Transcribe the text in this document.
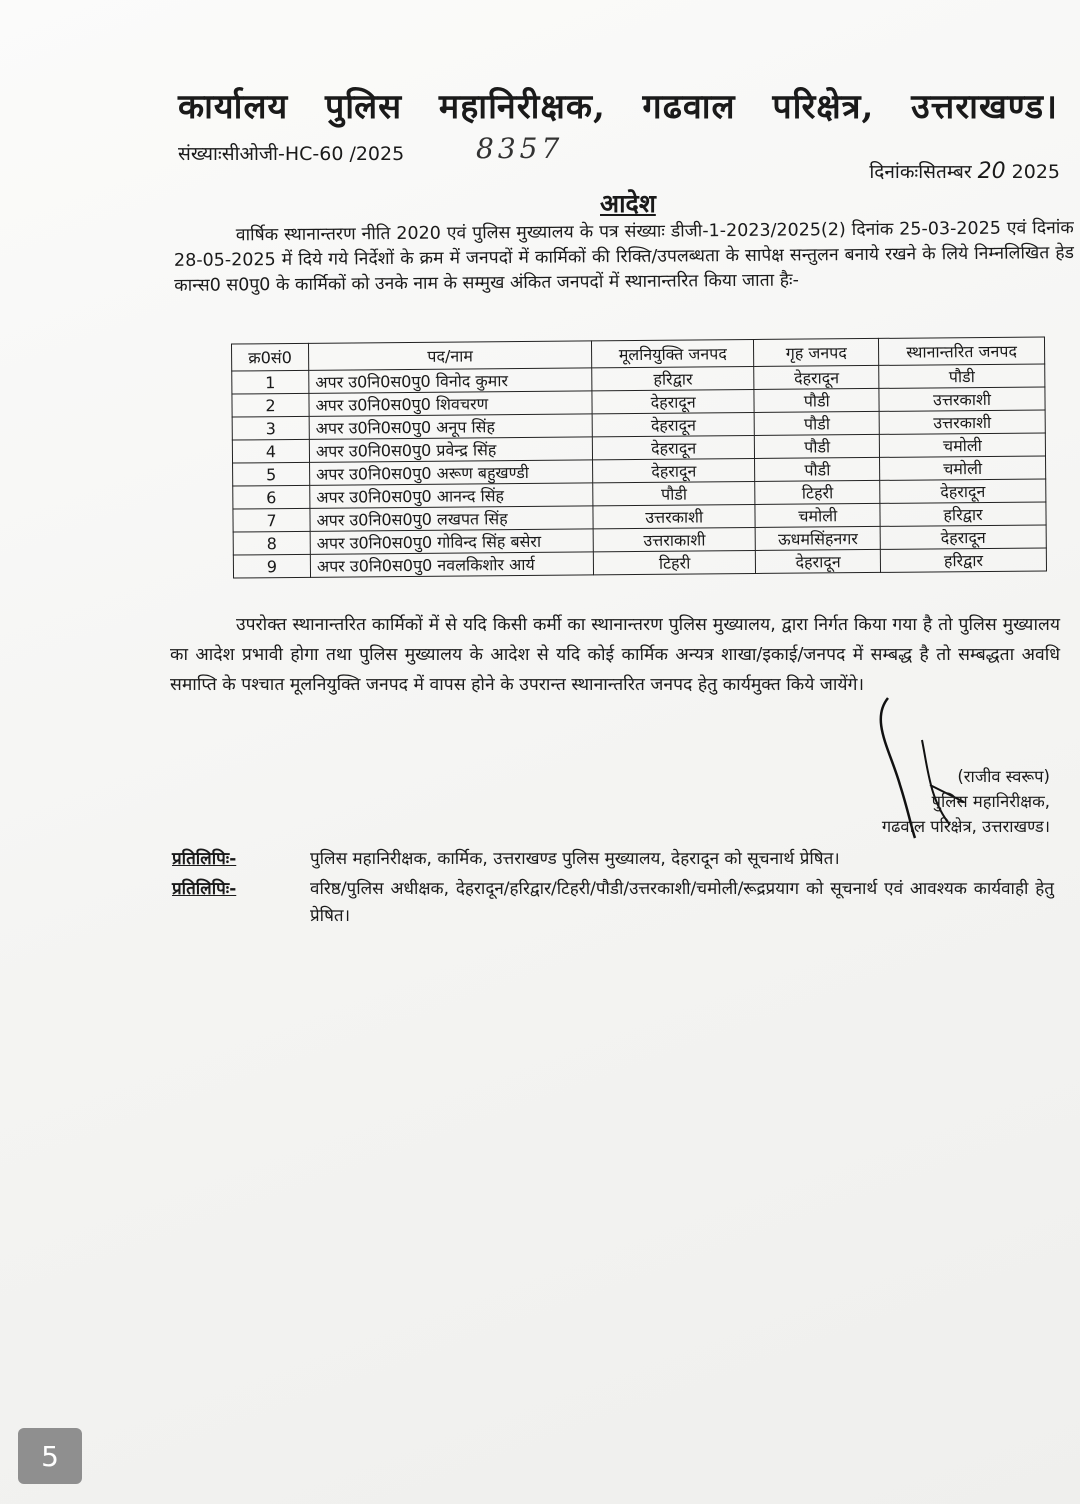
कार्यालय पुलिस महानिरीक्षक, गढवाल परिक्षेत्र, उत्तराखण्ड।
संख्याःसीओजी-HC-60 /2025	8357
दिनांकःसितम्बर 20 2025
आदेश
वार्षिक स्थानान्तरण नीति 2020 एवं पुलिस मुख्यालय के पत्र संख्याः डीजी-1-2023/2025(2) दिनांक 25-03-2025 एवं दिनांक 28-05-2025 में दिये गये निर्देशों के क्रम में जनपदों में कार्मिकों की रिक्ति/उपलब्धता के सापेक्ष सन्तुलन बनाये रखने के लिये निम्नलिखित हेड कान्स0 स0पु0 के कार्मिकों को उनके नाम के सम्मुख अंकित जनपदों में स्थानान्तरित किया जाता हैः-
क्र0सं0	पद/नाम	मूलनियुक्ति जनपद	गृह जनपद	स्थानान्तरित जनपद
1	अपर उ0नि0स0पु0 विनोद कुमार	हरिद्वार	देहरादून	पौडी
2	अपर उ0नि0स0पु0 शिवचरण	देहरादून	पौडी	उत्तरकाशी
3	अपर उ0नि0स0पु0 अनूप सिंह	देहरादून	पौडी	उत्तरकाशी
4	अपर उ0नि0स0पु0 प्रवेन्द्र सिंह	देहरादून	पौडी	चमोली
5	अपर उ0नि0स0पु0 अरूण बहुखण्डी	देहरादून	पौडी	चमोली
6	अपर उ0नि0स0पु0 आनन्द सिंह	पौडी	टिहरी	देहरादून
7	अपर उ0नि0स0पु0 लखपत सिंह	उत्तरकाशी	चमोली	हरिद्वार
8	अपर उ0नि0स0पु0 गोविन्द सिंह बसेरा	उत्तराकाशी	ऊधमसिंहनगर	देहरादून
9	अपर उ0नि0स0पु0 नवलकिशोर आर्य	टिहरी	देहरादून	हरिद्वार
उपरोक्त स्थानान्तरित कार्मिकों में से यदि किसी कर्मी का स्थानान्तरण पुलिस मुख्यालय, द्वारा निर्गत किया गया है तो पुलिस मुख्यालय का आदेश प्रभावी होगा तथा पुलिस मुख्यालय के आदेश से यदि कोई कार्मिक अन्यत्र शाखा/इकाई/जनपद में सम्बद्ध है तो सम्बद्धता अवधि समाप्ति के पश्चात मूलनियुक्ति जनपद में वापस होने के उपरान्त स्थानान्तरित जनपद हेतु कार्यमुक्त किये जायेंगे।
(राजीव स्वरूप)
पुलिस महानिरीक्षक,
गढवाल परिक्षेत्र, उत्तराखण्ड।
प्रतिलिपिः-	पुलिस महानिरीक्षक, कार्मिक, उत्तराखण्ड पुलिस मुख्यालय, देहरादून को सूचनार्थ प्रेषित।
प्रतिलिपिः-	वरिष्ठ/पुलिस अधीक्षक, देहरादून/हरिद्वार/टिहरी/पौडी/उत्तरकाशी/चमोली/रूद्रप्रयाग को सूचनार्थ एवं आवश्यक कार्यवाही हेतु प्रेषित।
5
